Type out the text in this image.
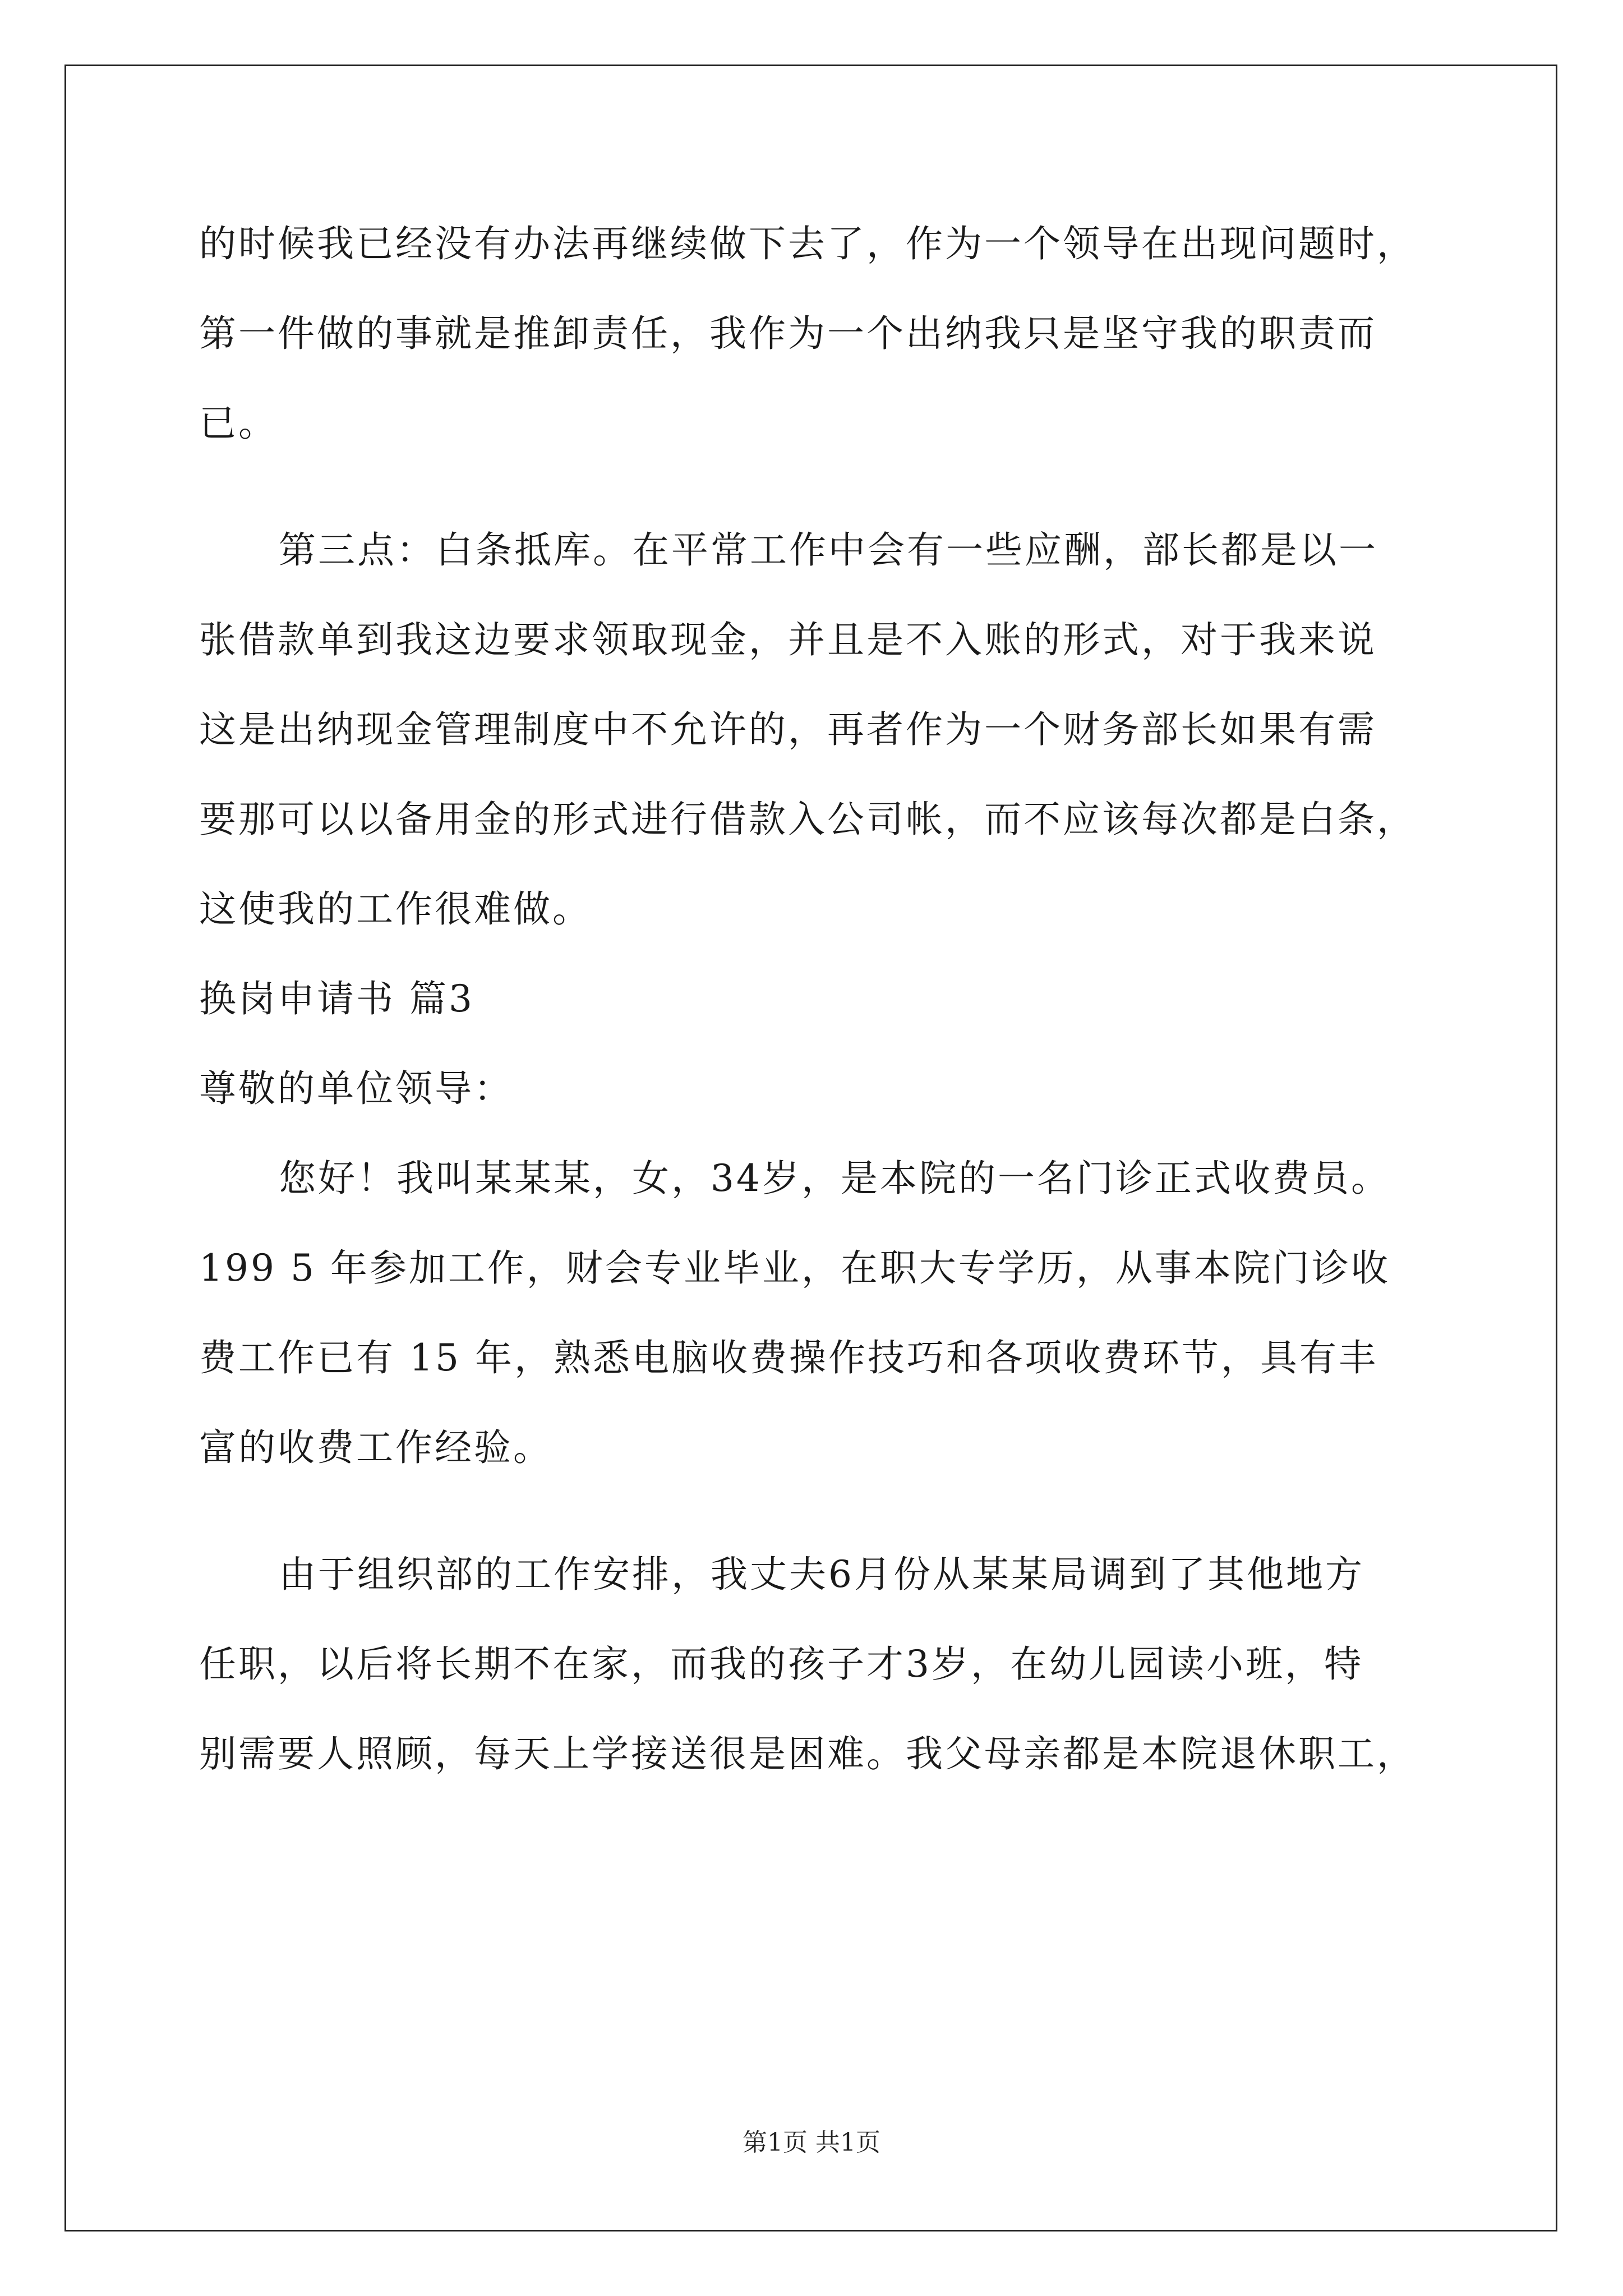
的时候我已经没有办法再继续做下去了，作为一个领导在出现问题时，
第一件做的事就是推卸责任，我作为一个出纳我只是坚守我的职责而
已。
第三点：白条抵库。在平常工作中会有一些应酬，部长都是以一
张借款单到我这边要求领取现金，并且是不入账的形式，对于我来说
这是出纳现金管理制度中不允许的，再者作为一个财务部长如果有需
要那可以以备用金的形式进行借款入公司帐，而不应该每次都是白条，
这使我的工作很难做。
换岗申请书 篇3
尊敬的单位领导：
您好！我叫某某某，女，34岁，是本院的一名门诊正式收费员。
199 5 年参加工作，财会专业毕业，在职大专学历，从事本院门诊收
费工作已有 15 年，熟悉电脑收费操作技巧和各项收费环节，具有丰
富的收费工作经验。
由于组织部的工作安排，我丈夫6月份从某某局调到了其他地方
任职，以后将长期不在家，而我的孩子才3岁，在幼儿园读小班，特
别需要人照顾，每天上学接送很是困难。我父母亲都是本院退休职工，
第1页 共1页
